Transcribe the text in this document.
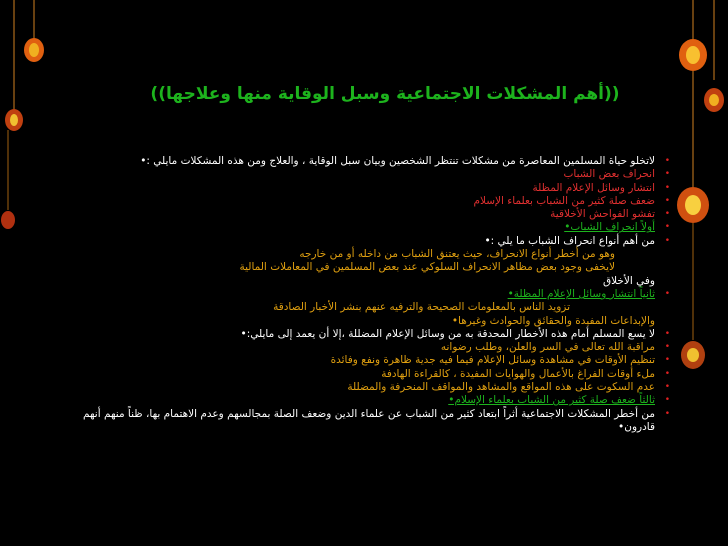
((أهم المشكلات الاجتماعية وسبل الوقاية منها وعلاجها))
•
لاتخلو حياة المسلمين المعاصرة من مشكلات تنتظر الشخصين وبيان سبل الوقاية ، والعلاج ومن هذه المشكلات مايلي :•
•
انحراف بعض الشباب
•
انتشار وسائل الإعلام المظلة
•
ضعف صلة كثير من الشباب بعلماء الإسلام
•
تفشو الفواحش الأخلاقية
•
أولاً انحراف الشباب•
•
من أهم أنواع انحراف الشباب ما يلي :•
وهو من أخطر أنواع الانحراف، حيث يعتنق الشباب من داخله أو من خارجه
لايخفى وجود بعض مظاهر الانحراف السلوكي عند بعض المسلمين في المعاملات المالية
وفي الأخلاق
•
ثانياً انتشار وسائل الإعلام المظلة•
تزويد الناس بالمعلومات الصحيحة والترفيه عنهم بنشر الأخبار الصادقة
والإبداعات المفيدة والحقائق والحوادث وغيرها•
•
لا يسع المسلم أمام هذه الأخطار المحدقة به من وسائل الإعلام المضللة ،إلا أن يعمد إلى مايلي:•
•
مراقبة الله تعالى في السر والعلن، وطلب رضوانه
•
تنظيم الأوقات في مشاهدة وسائل الإعلام فيما فيه جدية ظاهرة ونفع وفائدة
•
ملء أوقات الفراغ بالأعمال والهوايات المفيدة ، كالقراءة الهادفة
•
عدم السكوت على هذه المواقع والمشاهد والمواقف المنحرفة والمضللة
•
ثالثاً ضعف صلة كثير من الشباب بعلماء الإسلام•
•
من أخطر المشكلات الاجتماعية أثراً ابتعاد كثير من الشباب عن علماء الدين وضعف الصلة بمجالسهم وعدم الاهتمام بها، ظناً منهم أنهم قادرون•
